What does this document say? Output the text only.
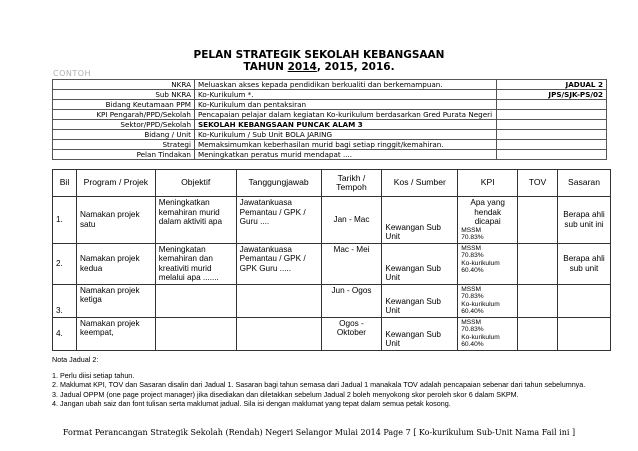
PELAN STRATEGIK SEKOLAH KEBANGSAAN
TAHUN 2014, 2015, 2016.
CONTOH
NKRA	Meluaskan akses kepada pendidikan berkualiti dan berkemampuan.	JADUAL 2
Sub NKRA	Ko-Kurikulum *.	JPS/SJK-PS/02
Bidang Keutamaan PPM	Ko-Kurikulum dan pentaksiran	
KPI Pengarah/PPD/Sekolah	Pencapaian pelajar dalam kegiatan Ko-kurikulum berdasarkan Gred Purata Negeri	
Sektor/PPD/Sekolah	SEKOLAH KEBANGSAAN PUNCAK ALAM 3	
Bidang / Unit	Ko-Kurikulum / Sub Unit BOLA JARING	
Strategi	Memaksimumkan keberhasilan murid bagi setiap ringgit/kemahiran.	
Pelan Tindakan	Meningkatkan peratus murid mendapat ....	
Bil	Program / Projek	Objektif	Tanggungjawab	Tarikh / Tempoh	Kos / Sumber	KPI	TOV	Sasaran
1.	Namakan projek satu	Meningkatkan kemahiran murid dalam aktiviti apa	Jawatankuasa Pemantau / GPK / Guru ....	Jan - Mac	Kewangan Sub Unit	Apa yang hendak dicapai
MSSM
70.83%		Berapa ahli sub unit ini
2.	Namakan projek kedua	Meningkatan kemahiran dan kreativiti murid melalui apa .......	Jawatankuasa Pemantau / GPK / GPK Guru .....	Mac - Mei	Kewangan Sub Unit	MSSM
70.83%
Ko-kurikulum
60.40%		Berapa ahli sub unit
3.	Namakan projek ketiga			Jun - Ogos	Kewangan Sub Unit	MSSM
70.83%
Ko-kurikulum
60.40%		

4.	Namakan projek keempat,			Ogos - Oktober	Kewangan Sub Unit	MSSM
70.83%
Ko-kurikulum
60.40%		

Nota Jadual 2:
1. Perlu diisi setiap tahun.
2. Maklumat KPI, TOV dan Sasaran disalin dari Jadual 1. Sasaran bagi tahun semasa dari Jadual 1 manakala TOV adalah pencapaian sebenar dari tahun sebelumnya.
3. Jadual OPPM (one page project manager) jika disediakan dan diletakkan sebelum Jadual 2 boleh menyokong skor peroleh skor 6 dalam SKPM.
4. Jangan ubah saiz dan font tulisan serta maklumat jadual. Sila isi dengan maklumat yang tepat dalam semua petak kosong.
Format Perancangan Strategik Sekolah (Rendah) Negeri Selangor Mulai 2014 Page 7 [ Ko-kurikulum Sub-Unit Nama Fail ini ]
